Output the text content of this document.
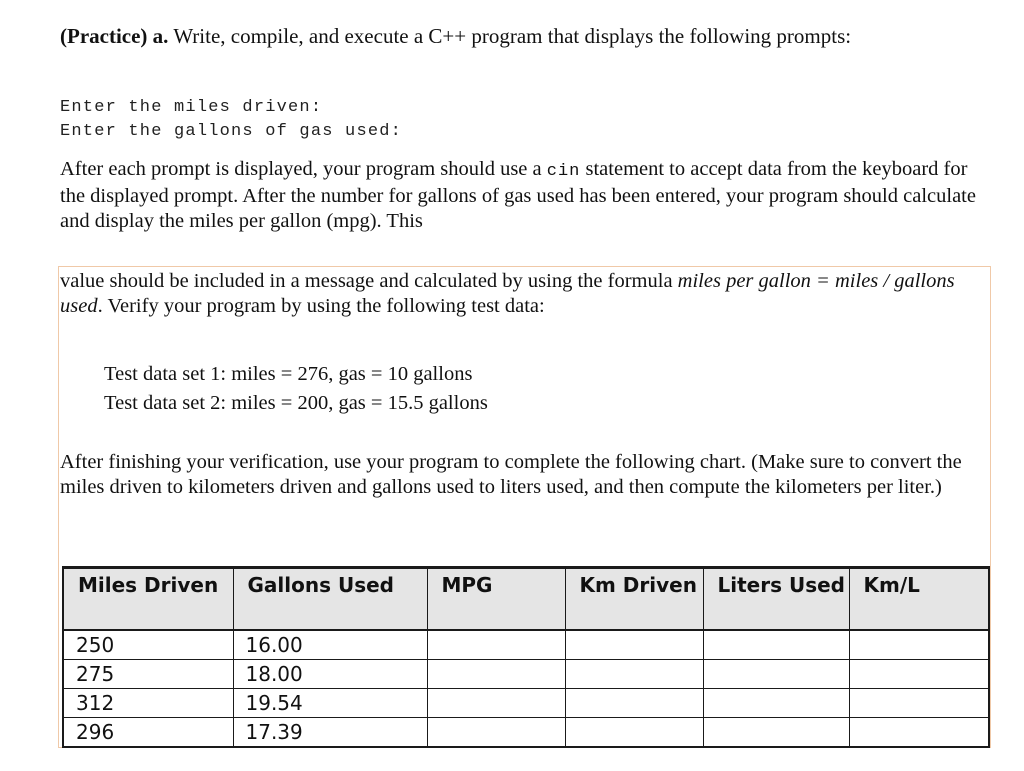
(Practice) a. Write, compile, and execute a C++ program that displays the following prompts:
Enter the miles driven:
Enter the gallons of gas used:
After each prompt is displayed, your program should use a cin statement to accept data from the keyboard for the displayed prompt. After the number for gallons of gas used has been entered, your program should calculate and display the miles per gallon (mpg). This
value should be included in a message and calculated by using the formula miles per gallon = miles / gallons used. Verify your program by using the following test data:
Test data set 1: miles = 276, gas = 10 gallons
Test data set 2: miles = 200, gas = 15.5 gallons
After finishing your verification, use your program to complete the following chart. (Make sure to convert the miles driven to kilometers driven and gallons used to liters used, and then compute the kilometers per liter.)
Miles Driven	Gallons Used	MPG	Km Driven	Liters Used	Km/L
250	16.00				
275	18.00				
312	19.54				
296	17.39				
